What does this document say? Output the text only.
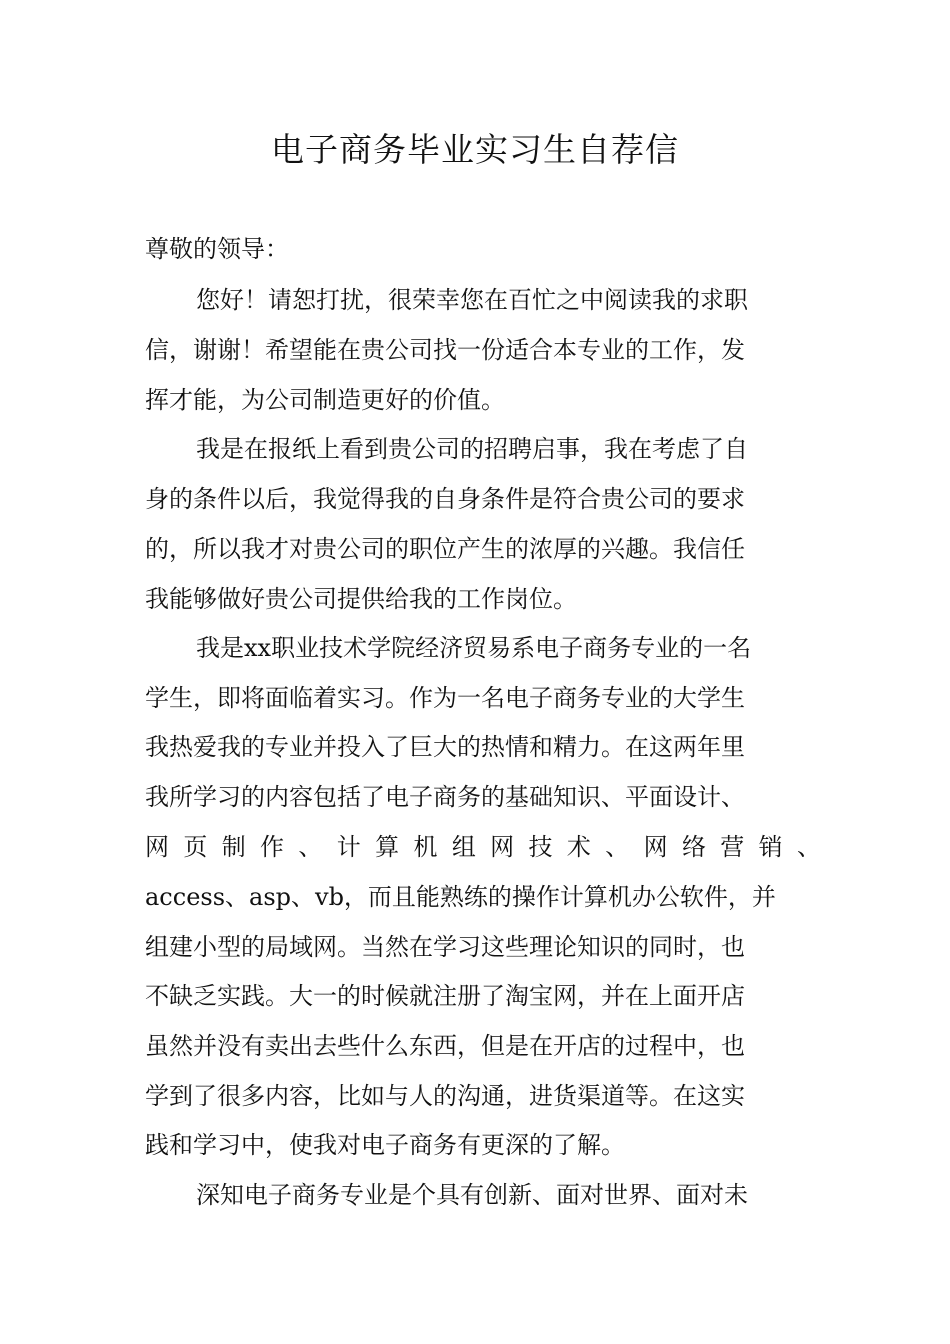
电子商务毕业实习生自荐信

尊敬的领导：

您好！请恕打扰，很荣幸您在百忙之中阅读我的求职

信，谢谢！希望能在贵公司找一份适合本专业的工作，发

挥才能，为公司制造更好的价值。

我是在报纸上看到贵公司的招聘启事，我在考虑了自

身的条件以后，我觉得我的自身条件是符合贵公司的要求

的，所以我才对贵公司的职位产生的浓厚的兴趣。我信任

我能够做好贵公司提供给我的工作岗位。

我是xx职业技术学院经济贸易系电子商务专业的一名

学生，即将面临着实习。作为一名电子商务专业的大学生

我热爱我的专业并投入了巨大的热情和精力。在这两年里

我所学习的内容包括了电子商务的基础知识、平面设计、

网页制作、计算机组网技术、网络营销、

access、asp、vb，而且能熟练的操作计算机办公软件，并

组建小型的局域网。当然在学习这些理论知识的同时，也

不缺乏实践。大一的时候就注册了淘宝网，并在上面开店

虽然并没有卖出去些什么东西，但是在开店的过程中，也

学到了很多内容，比如与人的沟通，进货渠道等。在这实

践和学习中，使我对电子商务有更深的了解。

深知电子商务专业是个具有创新、面对世界、面对未
